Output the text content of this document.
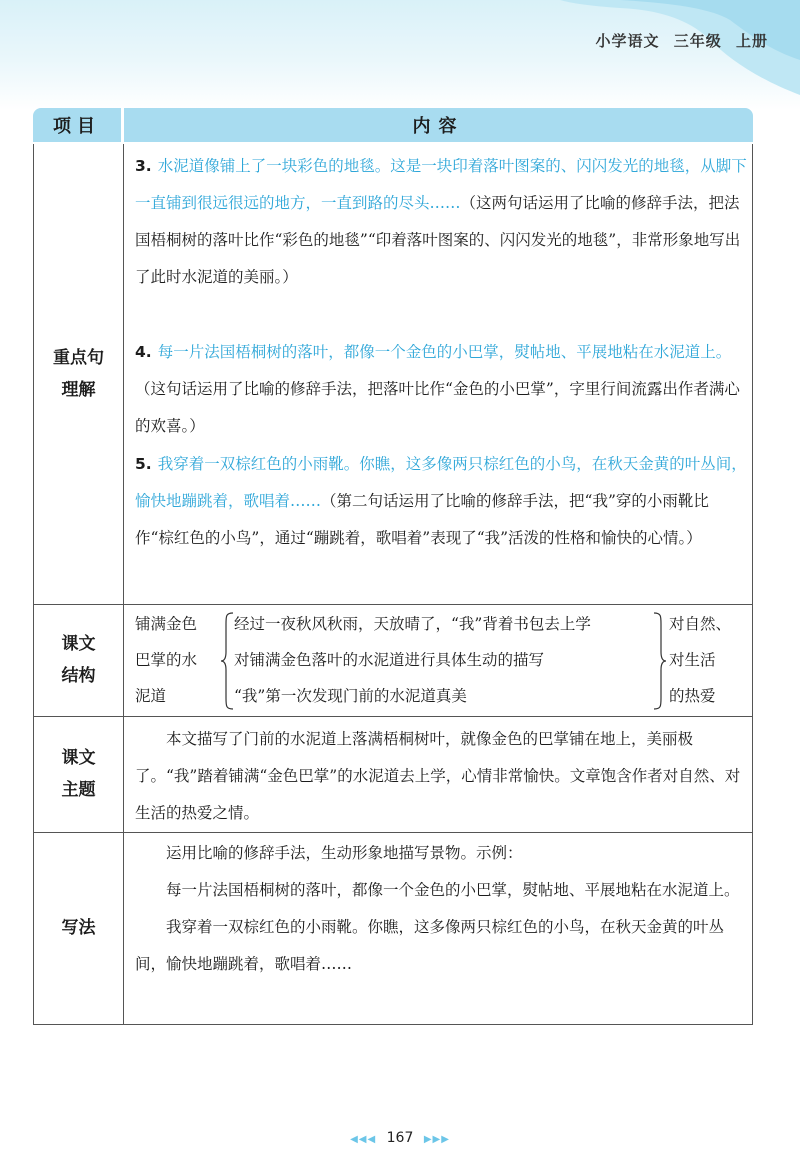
小学语文 三年级 上册
项目	内容
重点句
理解
3. 水泥道像铺上了一块彩色的地毯。这是一块印着落叶图案的、闪闪发光的地毯，从脚下一直铺到很远很远的地方，一直到路的尽头……（这两句话运用了比喻的修辞手法，把法国梧桐树的落叶比作“彩色的地毯”“印着落叶图案的、闪闪发光的地毯”，非常形象地写出了此时水泥道的美丽。）
4. 每一片法国梧桐树的落叶，都像一个金色的小巴掌，熨帖地、平展地粘在水泥道上。（这句话运用了比喻的修辞手法，把落叶比作“金色的小巴掌”，字里行间流露出作者满心的欢喜。）
5. 我穿着一双棕红色的小雨靴。你瞧，这多像两只棕红色的小鸟，在秋天金黄的叶丛间，愉快地蹦跳着，歌唱着……（第二句话运用了比喻的修辞手法，把“我”穿的小雨靴比作“棕红色的小鸟”，通过“蹦跳着，歌唱着”表现了“我”活泼的性格和愉快的心情。）
课文
结构
铺满金色
巴掌的水
泥道
经过一夜秋风秋雨，天放晴了，“我”背着书包去上学
对铺满金色落叶的水泥道进行具体生动的描写
“我”第一次发现门前的水泥道真美
对自然、
对生活
的热爱
课文
主题

本文描写了门前的水泥道上落满梧桐树叶，就像金色的巴掌铺在地上，美丽极了。“我”踏着铺满“金色巴掌”的水泥道去上学，心情非常愉快。文章饱含作者对自然、对生活的热爱之情。

写法

运用比喻的修辞手法，生动形象地描写景物。示例：

每一片法国梧桐树的落叶，都像一个金色的小巴掌，熨帖地、平展地粘在水泥道上。

我穿着一双棕红色的小雨靴。你瞧，这多像两只棕红色的小鸟，在秋天金黄的叶丛间，愉快地蹦跳着，歌唱着……

◀◀◀ 167 ▶▶▶
